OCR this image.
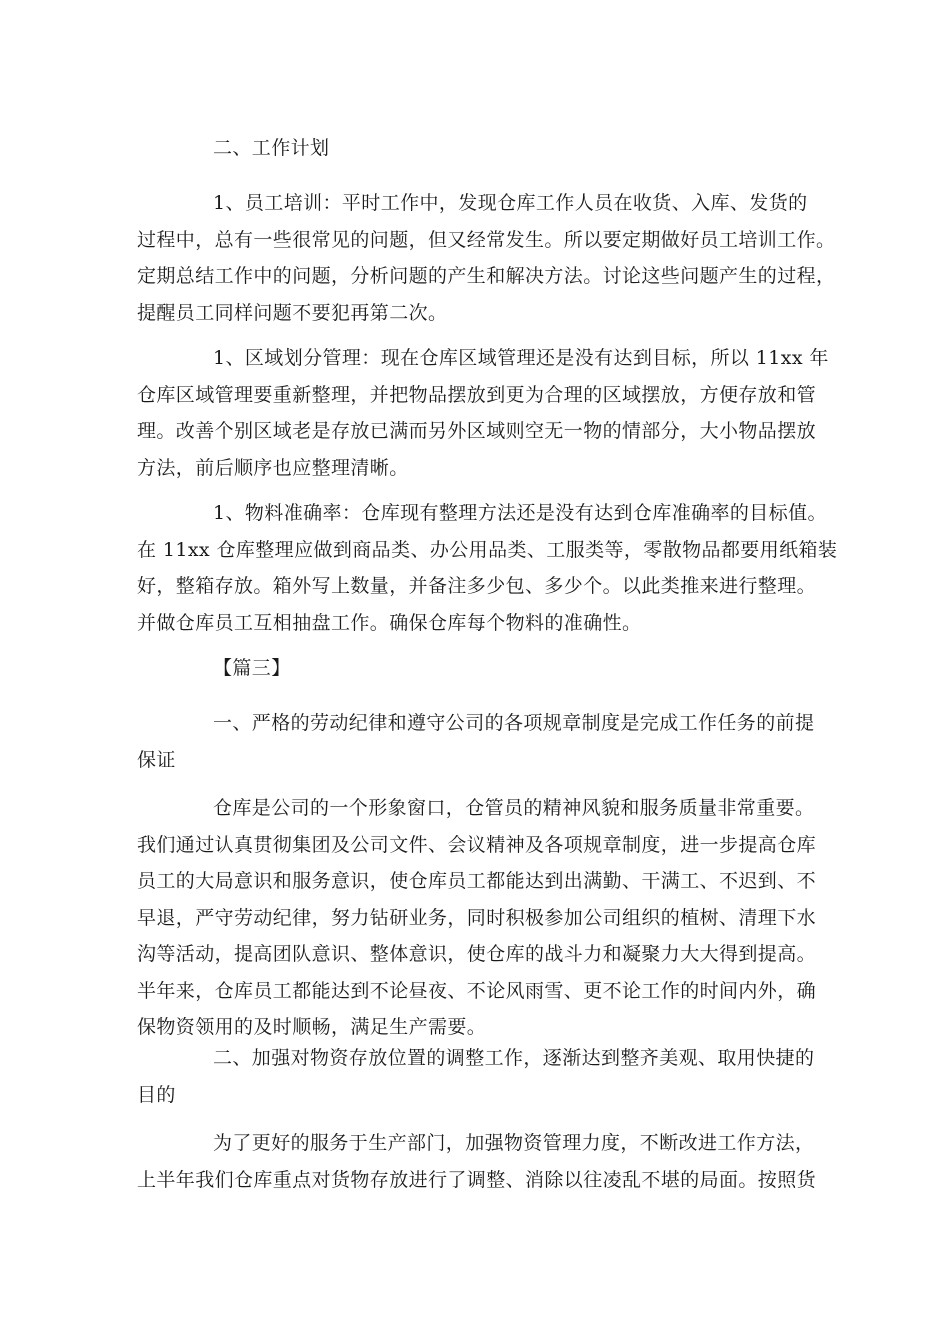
二、工作计划
1、员工培训：平时工作中，发现仓库工作人员在收货、入库、发货的
过程中，总有一些很常见的问题，但又经常发生。所以要定期做好员工培训工作。
定期总结工作中的问题，分析问题的产生和解决方法。讨论这些问题产生的过程，
提醒员工同样问题不要犯再第二次。
1、区域划分管理：现在仓库区域管理还是没有达到目标，所以 11xx 年
仓库区域管理要重新整理，并把物品摆放到更为合理的区域摆放，方便存放和管
理。改善个别区域老是存放已满而另外区域则空无一物的情部分，大小物品摆放
方法，前后顺序也应整理清晰。
1、物料准确率：仓库现有整理方法还是没有达到仓库准确率的目标值。
在 11xx 仓库整理应做到商品类、办公用品类、工服类等，零散物品都要用纸箱装
好，整箱存放。箱外写上数量，并备注多少包、多少个。以此类推来进行整理。
并做仓库员工互相抽盘工作。确保仓库每个物料的准确性。
【篇三】
一、严格的劳动纪律和遵守公司的各项规章制度是完成工作任务的前提
保证
仓库是公司的一个形象窗口，仓管员的精神风貌和服务质量非常重要。
我们通过认真贯彻集团及公司文件、会议精神及各项规章制度，进一步提高仓库
员工的大局意识和服务意识，使仓库员工都能达到出满勤、干满工、不迟到、不
早退，严守劳动纪律，努力钻研业务，同时积极参加公司组织的植树、清理下水
沟等活动，提高团队意识、整体意识，使仓库的战斗力和凝聚力大大得到提高。
半年来，仓库员工都能达到不论昼夜、不论风雨雪、更不论工作的时间内外，确
保物资领用的及时顺畅，满足生产需要。
二、加强对物资存放位置的调整工作，逐渐达到整齐美观、取用快捷的
目的
为了更好的服务于生产部门，加强物资管理力度，不断改进工作方法，
上半年我们仓库重点对货物存放进行了调整、消除以往凌乱不堪的局面。按照货
